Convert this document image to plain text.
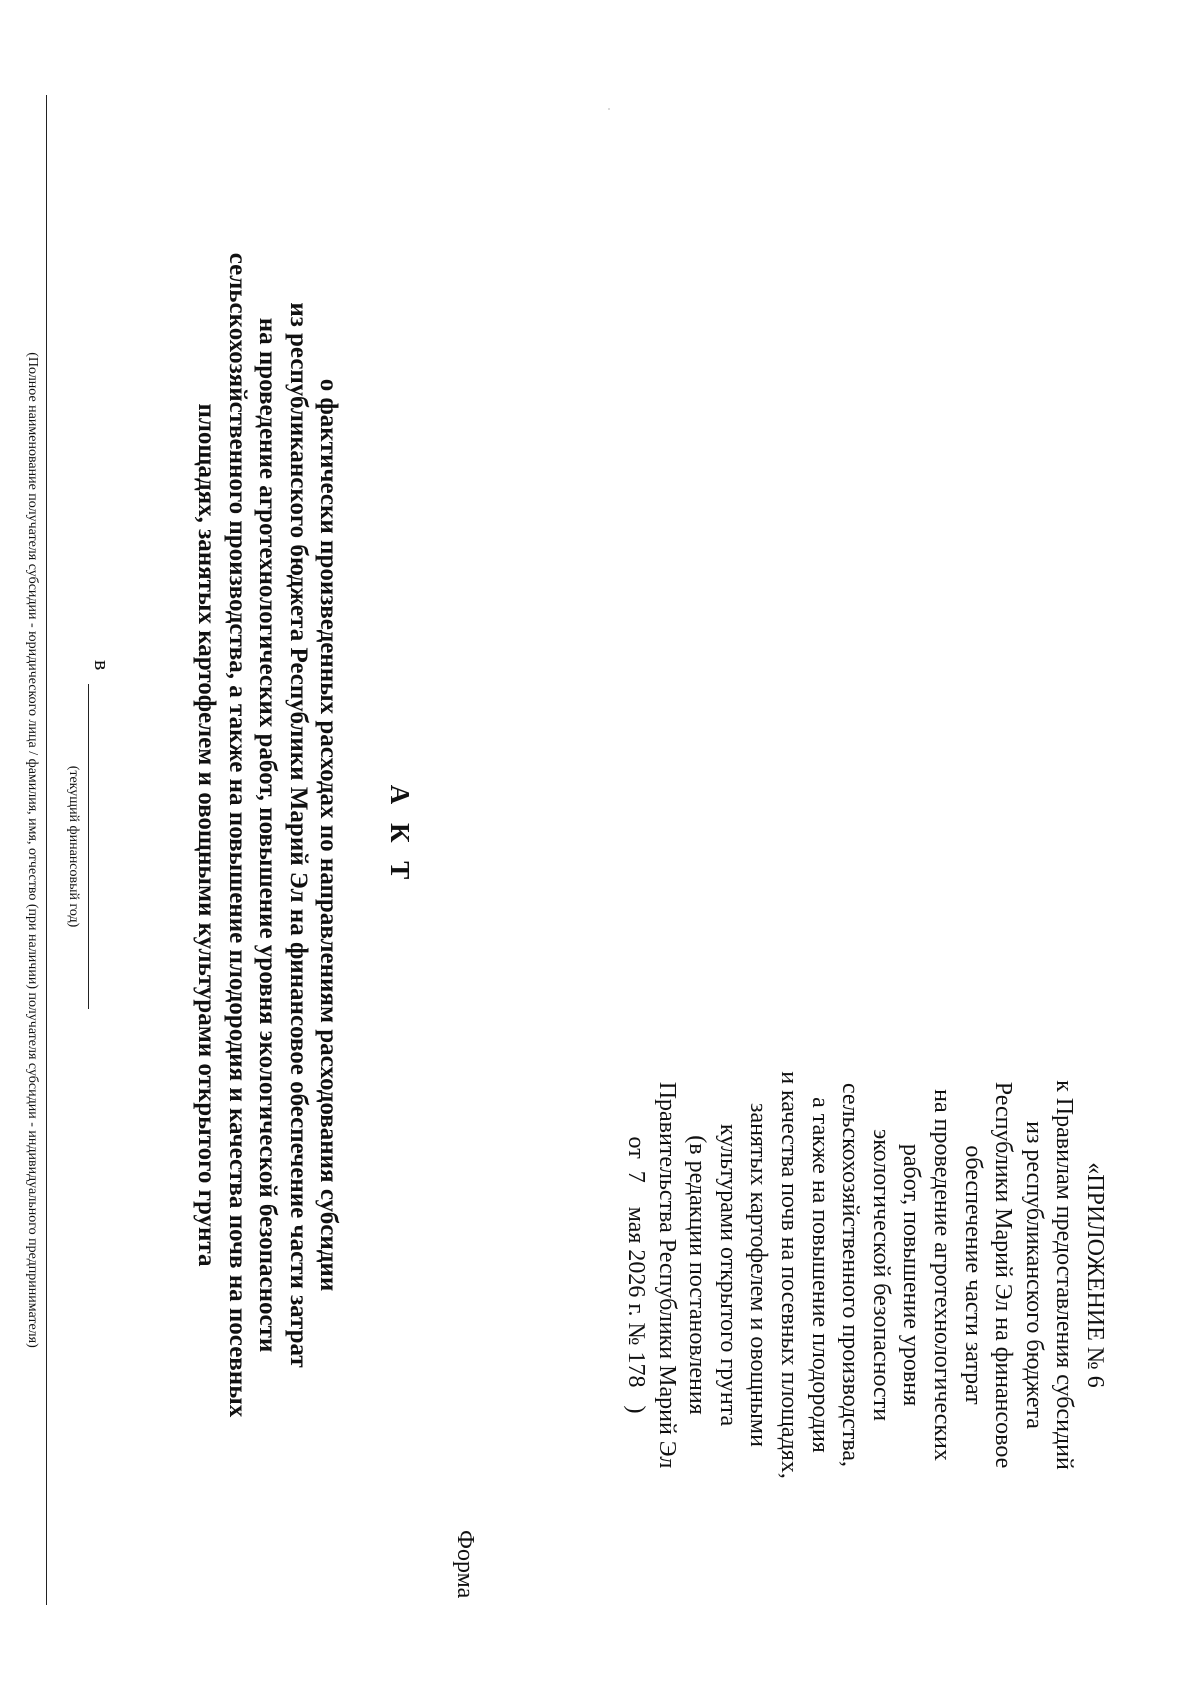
«ПРИЛОЖЕНИЕ № 6
к Правилам предоставления субсидий
из республиканского бюджета
Республики Марий Эл на финансовое
обеспечение части затрат
на проведение агротехнологических
работ, повышение уровня
экологической безопасности
сельскохозяйственного производства,
а также на повышение плодородия
и качества почв на посевных площадях,
занятых картофелем и овощными
культурами открытого грунта
(в редакции постановления
Правительства Республики Марий Эл
от  7    мая 2026 г. № 178   )
Форма
А К Т
о фактически произведенных расходах по направлениям расходования субсидии
из республиканского бюджета Республики Марий Эл на финансовое обеспечение части затрат
на проведение агротехнологических работ, повышение уровня экологической безопасности
сельскохозяйственного производства, а также на повышение плодородия и качества почв на посевных
площадях, занятых картофелем и овощными культурами открытого грунта
в
(текущий финансовый год)
(Полное наименование получателя субсидии - юридического лица / фамилия, имя, отчество (при наличии) получателя субсидии - индивидуального предпринимателя)
